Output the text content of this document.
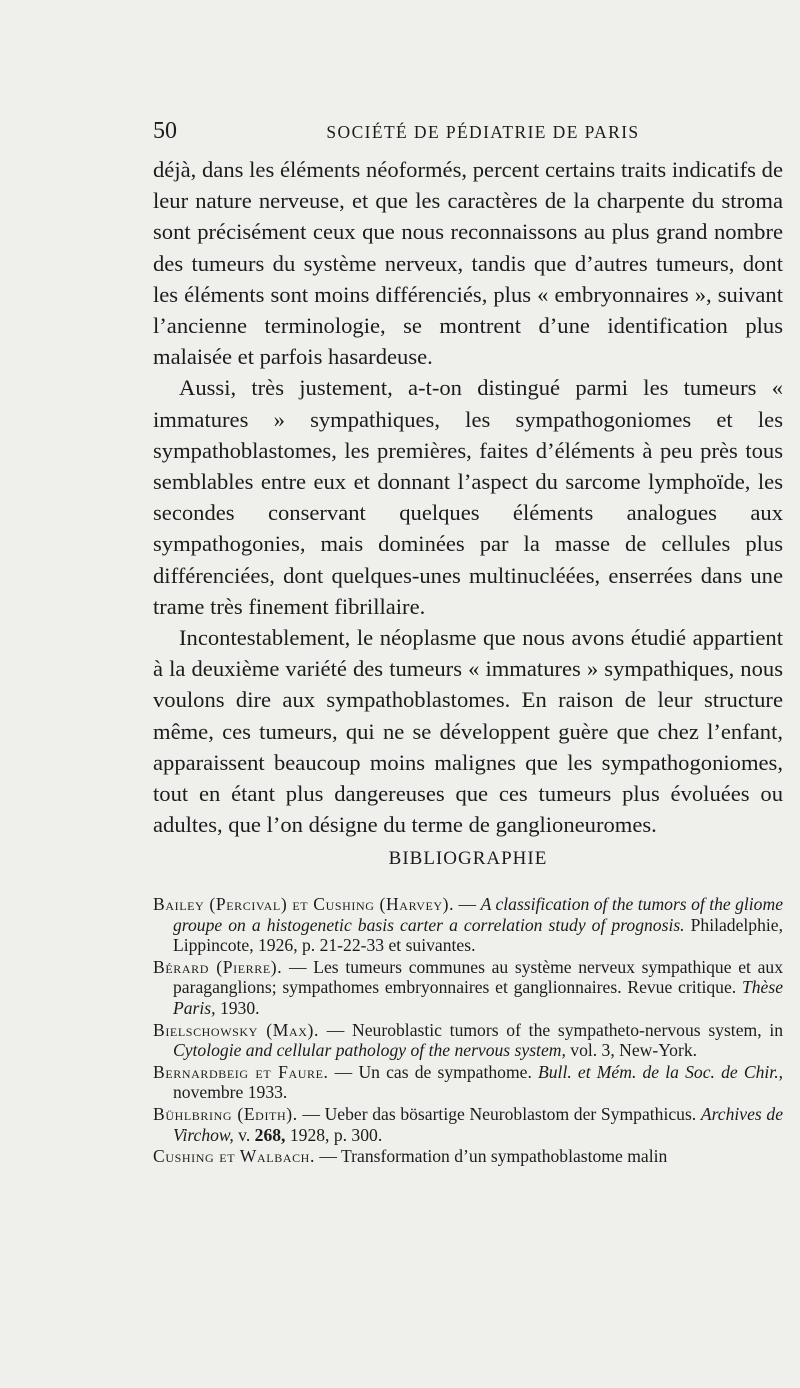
50	SOCIÉTÉ DE PÉDIATRIE DE PARIS

déjà, dans les éléments néoformés, percent certains traits indicatifs de leur nature nerveuse, et que les caractères de la charpente du stroma sont précisément ceux que nous reconnaissons au plus grand nombre des tumeurs du système nerveux, tandis que d’autres tumeurs, dont les éléments sont moins différenciés, plus « embryonnaires », suivant l’ancienne terminologie, se montrent d’une identification plus malaisée et parfois hasardeuse.

Aussi, très justement, a-t-on distingué parmi les tumeurs « immatures » sympathiques, les sympathogoniomes et les sympathoblastomes, les premières, faites d’éléments à peu près tous semblables entre eux et donnant l’aspect du sarcome lymphoïde, les secondes conservant quelques éléments analogues aux sympathogonies, mais dominées par la masse de cellules plus différenciées, dont quelques-unes multinucléées, enserrées dans une trame très finement fibrillaire.

Incontestablement, le néoplasme que nous avons étudié appartient à la deuxième variété des tumeurs « immatures » sympathiques, nous voulons dire aux sympathoblastomes. En raison de leur structure même, ces tumeurs, qui ne se développent guère que chez l’enfant, apparaissent beaucoup moins malignes que les sympathogoniomes, tout en étant plus dangereuses que ces tumeurs plus évoluées ou adultes, que l’on désigne du terme de ganglioneuromes.

BIBLIOGRAPHIE

Bailey (Percival) et Cushing (Harvey). — A classification of the tumors of the gliome groupe on a histogenetic basis carter a correlation study of prognosis. Philadelphie, Lippincote, 1926, p. 21-22-33 et suivantes.

Bérard (Pierre). — Les tumeurs communes au système nerveux sympathique et aux paraganglions; sympathomes embryonnaires et ganglionnaires. Revue critique. Thèse Paris, 1930.

Bielschowsky (Max). — Neuroblastic tumors of the sympatheto-nervous system, in Cytologie and cellular pathology of the nervous system, vol. 3, New-York.

Bernardbeig et Faure. — Un cas de sympathome. Bull. et Mém. de la Soc. de Chir., novembre 1933.

Bühlbring (Edith). — Ueber das bösartige Neuroblastom der Sympathicus. Archives de Virchow, v. 268, 1928, p. 300.

Cushing et Walbach. — Transformation d’un sympathoblastome malin
